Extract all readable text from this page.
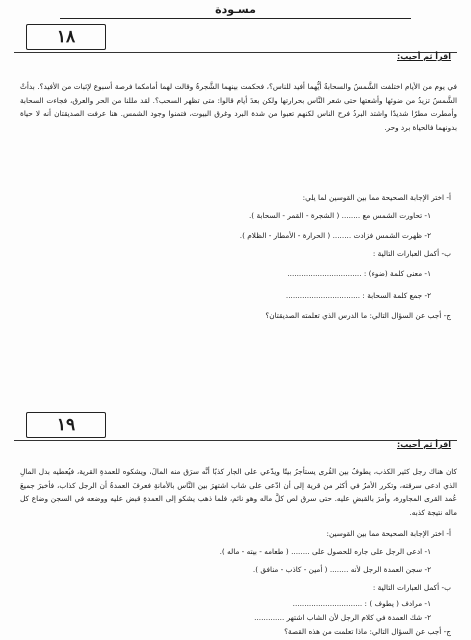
مسـودة
١٨
اقرأ ثم أجيب:
في يوم من الأيام اختلفت الشَّمسُ والسحابةُ أيُّهما أفيد للناس؟، فحكمت بينهما الشَّجرةُ وقالت لهما أمامكما فرصة أسبوع لإثبات من الأفيد؟. بدأتْ الشَّمسُ تزيدُ من ضوئها وأشعتها حتى شعر النَّاس بحرارتها ولكن بعدَ أيام قالوا: متى تظهر السحب؟. لقد مللنا من الحر والعرق، فجاءت السحابة وأمطرت مطرًا شديدًا واشتد البردُ فرح الناس لكنهم تعبوا من شدة البرد وغرق البيوت، فتمنوا وجود الشمس. هنا عرفت الصديقتان أنه لا حياة بدونهما فالحياة برد وحر.
أ- اختر الإجابة الصحيحة مما بين القوسين لما يلي:
١- تحاورت الشمس مع ........ ( الشجرة - القمر - السحابة ).
٢- ظهرت الشمس فزادت ........ ( الحرارة - الأمطار - الظلام ).
ب- أكمل العبارات التالية :
١- معنى كلمة (ضوء) : ................................
٢- جمع كلمة السحابة : ................................
ج- أجب عن السؤال التالي: ما الدرس الذي تعلمته الصديقتان؟
١٩
اقرأ ثم أجيب:
كان هناك رجل كثير الكذب، يطوفُ بين القُرى يستأجرُ بيتًا ويدّعي على الجار كذبًا أنَّه سرَق منه المالَ، ويشكوه للعمدةِ القرية، فيُعطيه بدل المالِ الذي ادعى سرقته، وتكرر الأمرُ في أكثر من قرية إلى أن ادّعى على شاب اشتهرَ بين النَّاس بالأمانةِ فعرفَ العمدةُ أن الرجل كذاب، فأخبرَ جميعَ عُمد القرى المجاورة، وأمرَ بالقبضِ عليه. حتى سرق لص كلَّ ماله وهو نائم، فلما ذهب يشكو إلى العمدةِ قبض عليه ووضعه في السجن وضاع كل ماله نتيجة كذبه.
أ- اختر الإجابة الصحيحة مما بين القوسين:
١- ادعى الرجل على جاره للحصول على ........ ( طعامه - بيته - ماله ).
٢- سجن العمدة الرجل لأنه ........ ( أمين - كاذب - منافق ).
ب- أكمل العبارات التالية :
١- مرادف ( يطوف ) : ..............................
٢- شك العمدة في كلام الرجل لأن الشاب اشتهر .............
ج- أجب عن السؤال التالي: ماذا تعلمت من هذه القصة؟
